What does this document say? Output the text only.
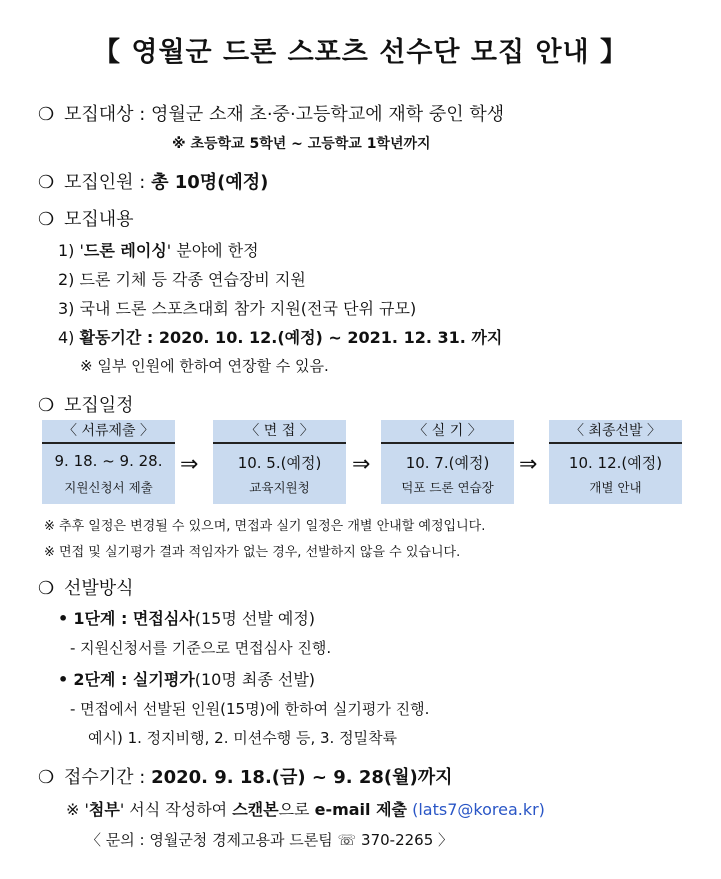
【 영월군 드론 스포츠 선수단 모집 안내 】
❍ 모집대상 : 영월군 소재 초·중·고등학교에 재학 중인 학생
※ 초등학교 5학년 ~ 고등학교 1학년까지
❍ 모집인원 : 총 10명(예정)
❍ 모집내용
1) '드론 레이싱' 분야에 한정
2) 드론 기체 등 각종 연습장비 지원
3) 국내 드론 스포츠대회 참가 지원(전국 단위 규모)
4) 활동기간 : 2020. 10. 12.(예정) ~ 2021. 12. 31. 까지
※ 일부 인원에 한하여 연장할 수 있음.
❍ 모집일정
〈 서류제출 〉
9. 18. ~ 9. 28.
지원신청서 제출
⇒
〈 면 접 〉
10. 5.(예정)
교육지원청
⇒
〈 실 기 〉
10. 7.(예정)
덕포 드론 연습장
⇒
〈 최종선발 〉
10. 12.(예정)
개별 안내
※ 추후 일정은 변경될 수 있으며, 면접과 실기 일정은 개별 안내할 예정입니다.
※ 면접 및 실기평가 결과 적임자가 없는 경우, 선발하지 않을 수 있습니다.
❍ 선발방식
• 1단계 : 면접심사(15명 선발 예정)
- 지원신청서를 기준으로 면접심사 진행.
• 2단계 : 실기평가(10명 최종 선발)
- 면접에서 선발된 인원(15명)에 한하여 실기평가 진행.
예시) 1. 정지비행, 2. 미션수행 등, 3. 정밀착륙
❍ 접수기간 : 2020. 9. 18.(금) ~ 9. 28(월)까지
※ '첨부' 서식 작성하여 스캔본으로 e-mail 제출 (lats7@korea.kr)
〈 문의 : 영월군청 경제고용과 드론팀 ☏ 370-2265 〉
